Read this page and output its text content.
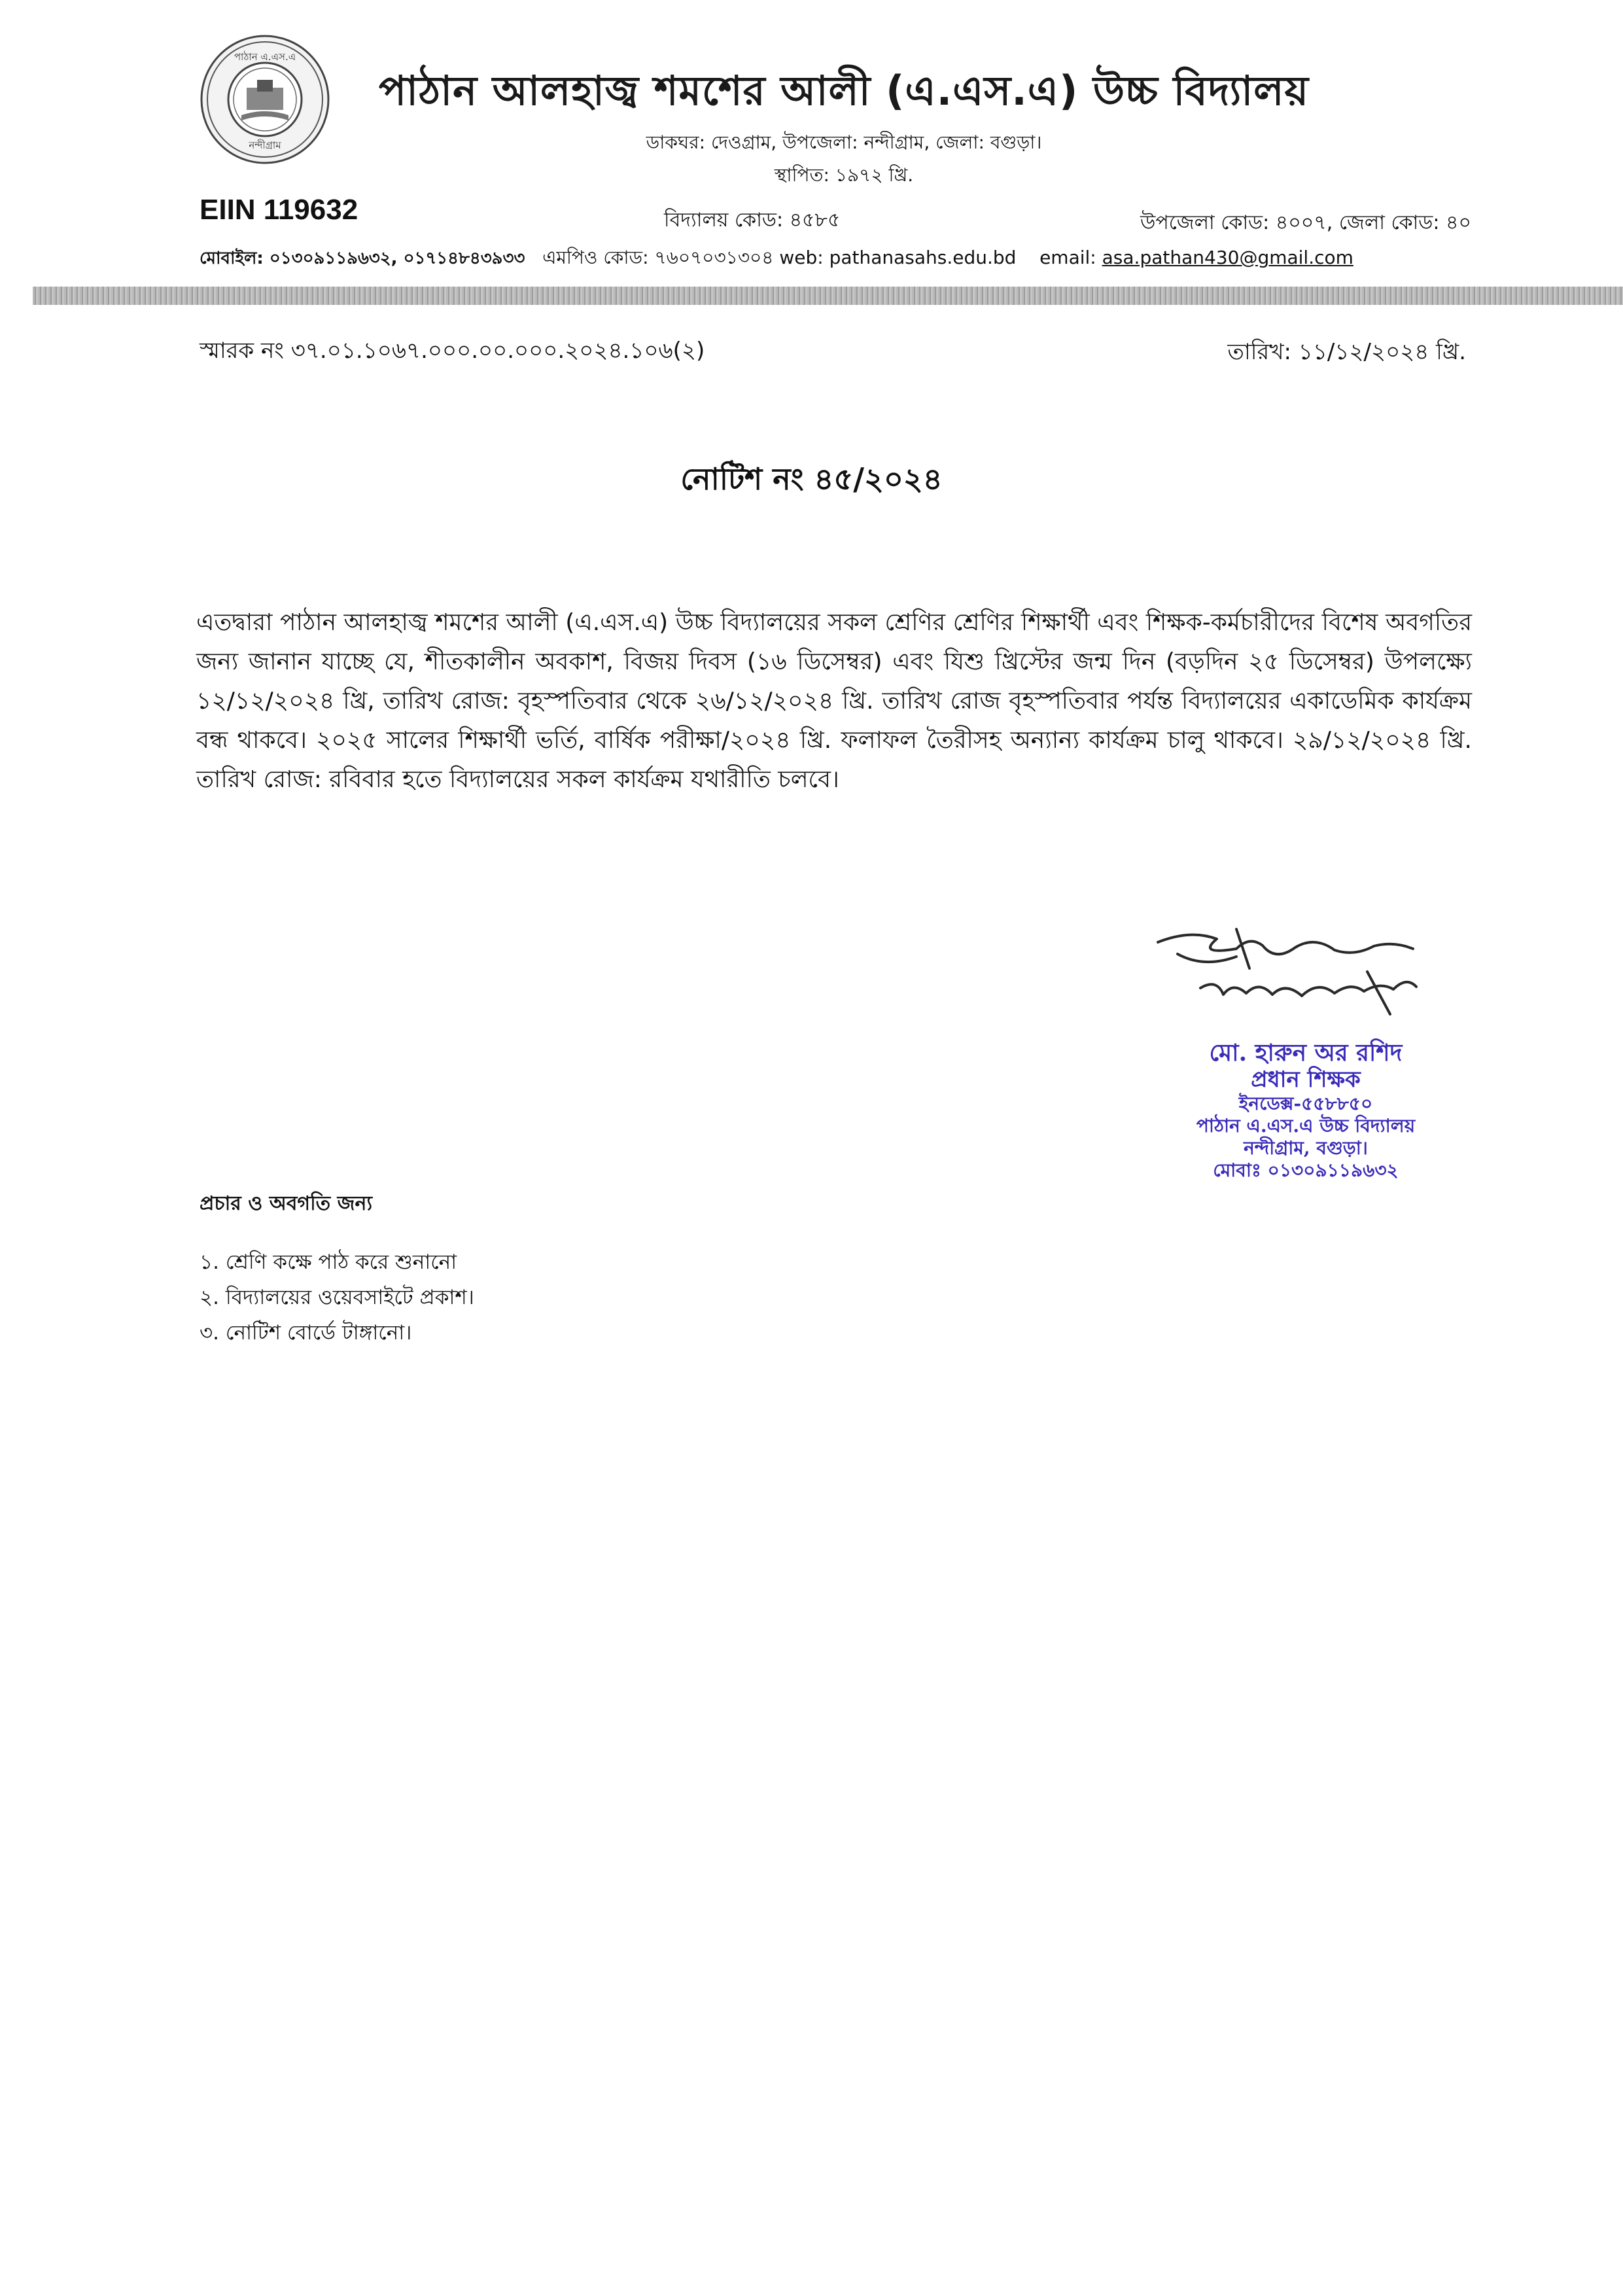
পাঠান এ.এস.এ
নন্দীগ্রাম
পাঠান আলহাজ্ব শমশের আলী (এ.এস.এ) উচ্চ বিদ্যালয়
ডাকঘর: দেওগ্রাম, উপজেলা: নন্দীগ্রাম, জেলা: বগুড়া।
স্থাপিত: ১৯৭২ খ্রি.
EIIN 119632	বিদ্যালয় কোড: ৪৫৮৫	উপজেলা কোড: ৪০০৭, জেলা কোড: ৪০
মোবাইল: ০১৩০৯১১৯৬৩২, ০১৭১৪৮৪৩৯৩৩ এমপিও কোড: ৭৬০৭০৩১৩০৪ web: pathanasahs.edu.bd email: asa.pathan430@gmail.com
স্মারক নং ৩৭.০১.১০৬৭.০০০.০০.০০০.২০২৪.১০৬(২)	তারিখ: ১১/১২/২০২৪ খ্রি.
নোটিশ নং ৪৫/২০২৪
এতদ্বারা পাঠান আলহাজ্ব শমশের আলী (এ.এস.এ) উচ্চ বিদ্যালয়ের সকল শ্রেণির শ্রেণির শিক্ষার্থী এবং শিক্ষক-কর্মচারীদের বিশেষ অবগতির জন্য জানান যাচ্ছে যে, শীতকালীন অবকাশ, বিজয় দিবস (১৬ ডিসেম্বর) এবং যিশু খ্রিস্টের জন্ম দিন (বড়দিন ২৫ ডিসেম্বর) উপলক্ষ্যে ১২/১২/২০২৪ খ্রি, তারিখ রোজ: বৃহস্পতিবার থেকে ২৬/১২/২০২৪ খ্রি. তারিখ রোজ বৃহস্পতিবার পর্যন্ত বিদ্যালয়ের একাডেমিক কার্যক্রম বন্ধ থাকবে। ২০২৫ সালের শিক্ষার্থী ভর্তি, বার্ষিক পরীক্ষা/২০২৪ খ্রি. ফলাফল তৈরীসহ অন্যান্য কার্যক্রম চালু থাকবে। ২৯/১২/২০২৪ খ্রি. তারিখ রোজ: রবিবার হতে বিদ্যালয়ের সকল কার্যক্রম যথারীতি চলবে।
মো. হারুন অর রশিদ
প্রধান শিক্ষক
ইনডেক্স-৫৫৮৮৫০
পাঠান এ.এস.এ উচ্চ বিদ্যালয়
নন্দীগ্রাম, বগুড়া।
মোবাঃ ০১৩০৯১১৯৬৩২
প্রচার ও অবগতি জন্য
১. শ্রেণি কক্ষে পাঠ করে শুনানো
২. বিদ্যালয়ের ওয়েবসাইটে প্রকাশ।
৩. নোটিশ বোর্ডে টাঙ্গানো।
